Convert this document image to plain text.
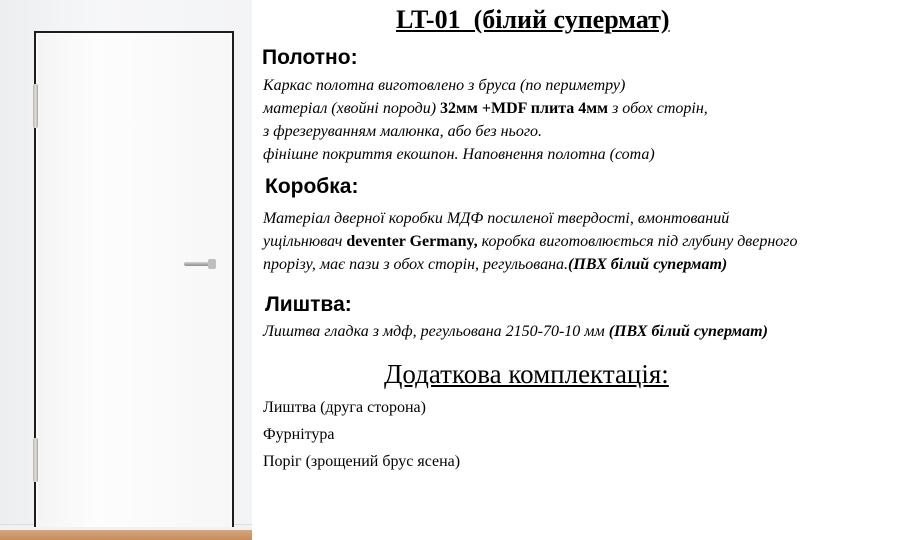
LT-01  (білий супермат)
Полотно:
Каркас полотна виготовлено з бруса (по периметру)
матеріал (хвойні породи) 32мм +MDF плита 4мм з обох сторін,
з фрезеруванням малюнка, або без нього.
фінішне покриття екошпон. Наповнення полотна (сота)
Коробка:
Матеріал дверної коробки МДФ посиленої твердості, вмонтований
ущільнювач deventer Germany, коробка виготовлюється під глубину дверного
прорізу, має пази з обох сторін, регульована.(ПВХ білий супермат)
Лиштва:
Лиштва гладка з мдф, регульована 2150-70-10 мм (ПВХ білий супермат)
Додаткова комплектація:
Лиштва (друга сторона)
Фурнітура
Поріг (зрощений брус ясена)
